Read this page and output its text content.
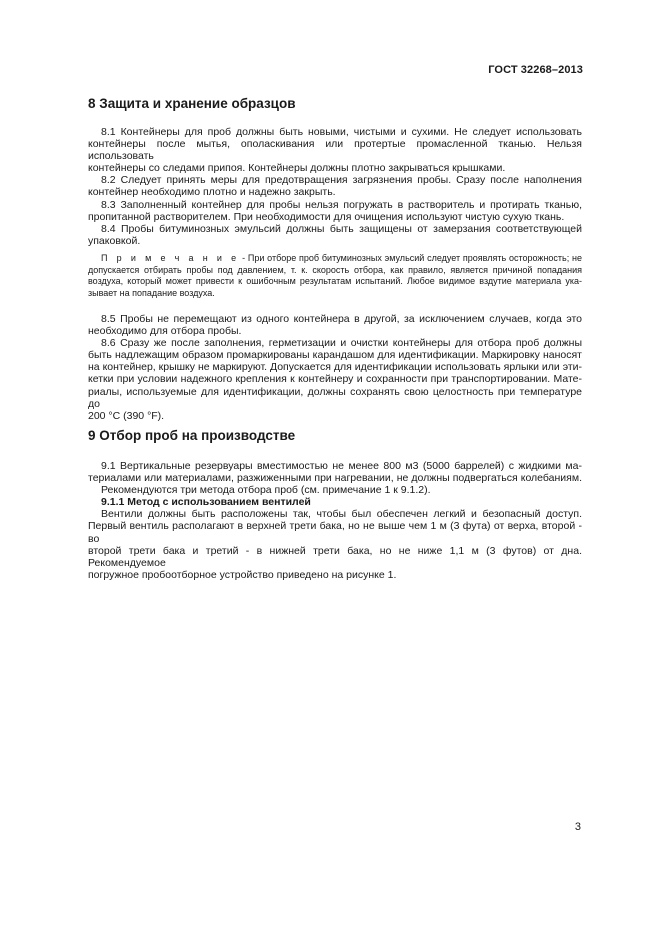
ГОСТ 32268–2013
8 Защита и хранение образцов
3
8.1 Контейнеры для проб должны быть новыми, чистыми и сухими. Не следует использовать
контейнеры после мытья, ополаскивания или протертые промасленной тканью. Нельзя использовать
контейнеры со следами припоя. Контейнеры должны плотно закрываться крышками.
8.2 Следует принять меры для предотвращения загрязнения пробы. Сразу после наполнения
контейнер необходимо плотно и надежно закрыть.
8.3 Заполненный контейнер для пробы нельзя погружать в растворитель и протирать тканью,
пропитанной растворителем. При необходимости для очищения используют чистую сухую ткань.
8.4 Пробы битуминозных эмульсий должны быть защищены от замерзания соответствующей
упаковкой.
П р и м е ч а н и е - При отборе проб битуминозных эмульсий следует проявлять осторожность; не
допускается отбирать пробы под давлением, т. к. скорость отбора, как правило, является причиной попадания
воздуха, который может привести к ошибочным результатам испытаний. Любое видимое вздутие материала ука-
зывает на попадание воздуха.
8.5 Пробы не перемещают из одного контейнера в другой, за исключением случаев, когда это
необходимо для отбора пробы.
8.6 Сразу же после заполнения, герметизации и очистки контейнеры для отбора проб должны
быть надлежащим образом промаркированы карандашом для идентификации. Маркировку наносят
на контейнер, крышку не маркируют. Допускается для идентификации использовать ярлыки или эти-
кетки при условии надежного крепления к контейнеру и сохранности при транспортировании. Мате-
риалы, используемые для идентификации, должны сохранять свою целостность при температуре до
200 °С (390 °F).
9 Отбор проб на производстве
9.1 Вертикальные резервуары вместимостью не менее 800 м3 (5000 баррелей) с жидкими ма-
териалами или материалами, разжиженными при нагревании, не должны подвергаться колебаниям.
Рекомендуются три метода отбора проб (см. примечание 1 к 9.1.2).
9.1.1 Метод с использованием вентилей
Вентили должны быть расположены так, чтобы был обеспечен легкий и безопасный доступ.
Первый вентиль располагают в верхней трети бака, но не выше чем 1 м (3 фута) от верха, второй - во
второй трети бака и третий - в нижней трети бака, но не ниже 1,1 м (3 футов) от дна. Рекомендуемое
погружное пробоотборное устройство приведено на рисунке 1.
